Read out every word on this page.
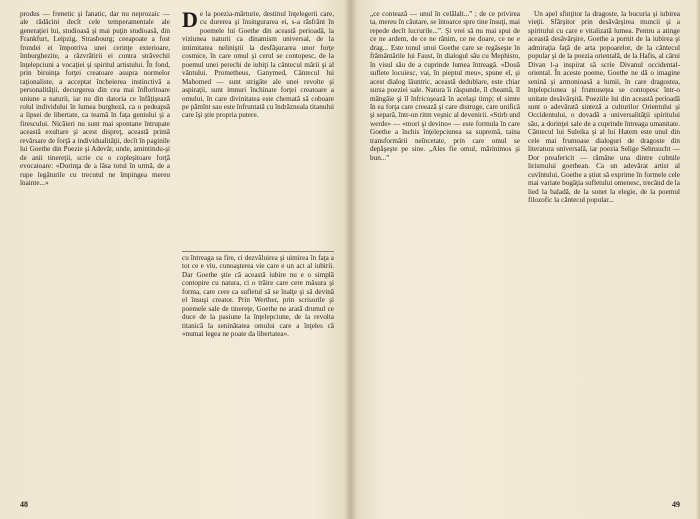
produs — frenetic şi fanatic, dar nu neprozaic — ale rădăcini decît cele temperamentale ale generaţiei lui, studioasă şi mai puţin studioasă, din Frankfurt, Leipzig, Strasbourg; ceeapoate a fost frondei ei împotriva unei cerinţe exterioare, îmburghezite, a răzvrătirii ei contra străvechii înţelepciuni a vocaţiei şi spiritul artistului. În fond, prin biruinţa forţei creatoare asupra normelor raţionaliste, a acceptat încheierea instinctivă a personalităţii, decurgerea din cea mai înfloritoare uniune a naturii, iar nu din datoria ce înfăţişează rolul individului în lumea burgheză, ca o pedeapsă a lipsei de libertate, ca teamă în faţa geniului şi a firescului. Nicăieri nu sunt mai spontane întrupate această exultare şi acest dispreţ, această primă revărsare de forţă a individualităţii, decît în paginile lui Goethe din Poezie şi Adevăr, unde, amintindu-şi de anii tinereţii, scrie cu o copleşitoare forţă evocatoare: «Dorinţa de a lăsa totul în urmă, de a rupe legăturile cu trecutul ne împingea mereu înainte...»

D e la poezia-mărturie, destinul înţelegerii care, cu durerea şi însingurarea ei, s-a răsfrânt în poemele lui Goethe din această perioadă, la viziunea naturii ca dinamism universal, de la intimitatea neliniştii la desfăşurarea unor forţe cosmice, în care omul şi cerul se contopesc, de la poemul unei perechi de iubiţi la cântecul mării şi al vântului. Prometheus, Ganymed, Cântecul lui Mahomed — sunt strigăte ale unei revolte şi aspiraţii, sunt imnuri închinate forţei creatoare a omului, în care divinitatea este chemată să coboare pe pămînt sau este înfruntată cu îndrăzneala titanului care îşi ştie propria putere.

cu întreaga sa fire, ci dezvăluirea şi uimirea în faţa a tot ce e viu, cunoaşterea vie care e un act al iubirii. Dar Goethe ştie că această iubire nu e o simplă contopire cu natura, ci o trăire care cere măsura şi forma, care cere ca sufletul să se înalţe şi să devină el însuşi creator. Prin Werther, prin scrisorile şi poemele sale de tinereţe, Goethe ne arată drumul ce duce de la pasiune la înţelepciune, de la revolta titanică la seninătatea omului care a înţeles că «numai legea ne poate da libertatea».

48

„ce contează — unul în celălalt...” ; de ce privirea ta, mereu în căutare, se întoarce spre tine însuţi, mai repede decît lucrurile...”. Şi vrei să nu mai spui de ce ne ardem, de ce ne rănim, ce ne doare, ce ne e drag... Este tonul unui Goethe care se regăseşte în frământările lui Faust, în dialogul său cu Mephisto, în visul său de a cuprinde lumea întreagă. «Două suflete locuiesc, vai, în pieptul meu», spune el, şi acest dialog lăuntric, această dedublare, este chiar sursa poeziei sale. Natura îi răspunde, îl cheamă, îl mângâie şi îl înfricoşează în acelaşi timp; el simte în ea forţa care creează şi care distruge, care unifică şi separă, într-un ritm veşnic al devenirii. «Stirb und werde» — «mori şi devino» — este formula în care Goethe a închis înţelepciunea sa supremă, taina transformării neîncetate, prin care omul se depăşeşte pe sine. „Ales fie omul, mărinimos şi bun...”

Un apel sfinţitor la dragoste, la bucuria şi iubirea vieţii. Sfârşitor prin desăvârşirea muncii şi a spiritului cu care e vitalizată lumea. Pentru a atinge această desăvârşire, Goethe a pornit de la iubirea şi admiraţia faţă de arta popoarelor, de la cântecul popular şi de la poezia orientală, de la Hafis, al cărui Divan l-a inspirat să scrie Divanul occidental-oriental. În aceste poeme, Goethe ne dă o imagine senină şi armonioasă a lumii, în care dragostea, înţelepciunea şi frumuseţea se contopesc într-o unitate desăvârşită. Poeziile lui din această perioadă sunt o adevărată sinteză a culturilor Orientului şi Occidentului, o dovadă a universalităţii spiritului său, a dorinţei sale de a cuprinde întreaga umanitate. Cântecul lui Suleika şi al lui Hatem este unul din cele mai frumoase dialoguri de dragoste din literatura universală, iar poezia Selige Sehnsucht — Dor preafericit — rămâne una dintre culmile lirismului goethean. Ca un adevărat artist al cuvîntului, Goethe a ştiut să exprime în formele cele mai variate bogăţia sufletului omenesc, trecând de la lied la baladă, de la sonet la elegie, de la poemul filozofic la cântecul popular...

49
